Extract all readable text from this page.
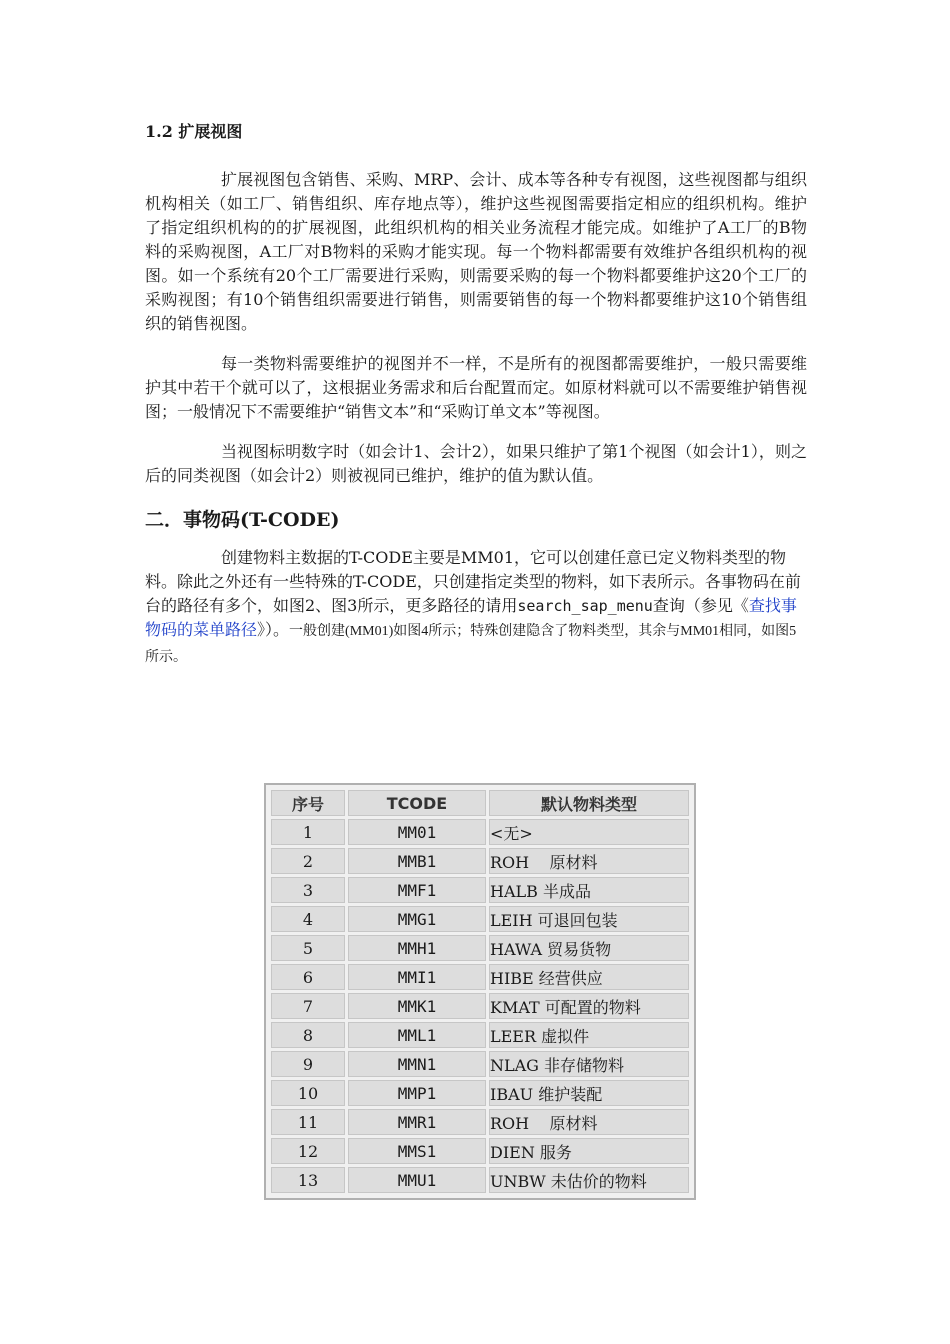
1.2 扩展视图

扩展视图包含销售、采购、MRP、会计、成本等各种专有视图，这些视图都与组织机构相关（如工厂、销售组织、库存地点等），维护这些视图需要指定相应的组织机构。维护了指定组织机构的的扩展视图，此组织机构的相关业务流程才能完成。如维护了A工厂的B物料的采购视图，A工厂对B物料的采购才能实现。每一个物料都需要有效维护各组织机构的视图。如一个系统有20个工厂需要进行采购，则需要采购的每一个物料都要维护这20个工厂的采购视图；有10个销售组织需要进行销售，则需要销售的每一个物料都要维护这10个销售组织的销售视图。

每一类物料需要维护的视图并不一样，不是所有的视图都需要维护，一般只需要维护其中若干个就可以了，这根据业务需求和后台配置而定。如原材料就可以不需要维护销售视图；一般情况下不需要维护“销售文本”和“采购订单文本”等视图。

当视图标明数字时（如会计1、会计2），如果只维护了第1个视图（如会计1），则之后的同类视图（如会计2）则被视同已维护，维护的值为默认值。

二．事物码(T-CODE)

创建物料主数据的T-CODE主要是MM01，它可以创建任意已定义物料类型的物料。除此之外还有一些特殊的T-CODE，只创建指定类型的物料，如下表所示。各事物码在前台的路径有多个，如图2、图3所示，更多路径的请用search_sap_menu查询（参见《查找事物码的菜单路径》）。一般创建(MM01)如图4所示；特殊创建隐含了物料类型，其余与MM01相同，如图5所示。

序号	TCODE	默认物料类型
1	MM01	<无>
2	MMB1	ROH    原材料
3	MMF1	HALB 半成品
4	MMG1	LEIH 可退回包装
5	MMH1	HAWA 贸易货物
6	MMI1	HIBE 经营供应
7	MMK1	KMAT 可配置的物料
8	MML1	LEER 虚拟件
9	MMN1	NLAG 非存储物料
10	MMP1	IBAU 维护装配
11	MMR1	ROH    原材料
12	MMS1	DIEN 服务
13	MMU1	UNBW 未估价的物料
